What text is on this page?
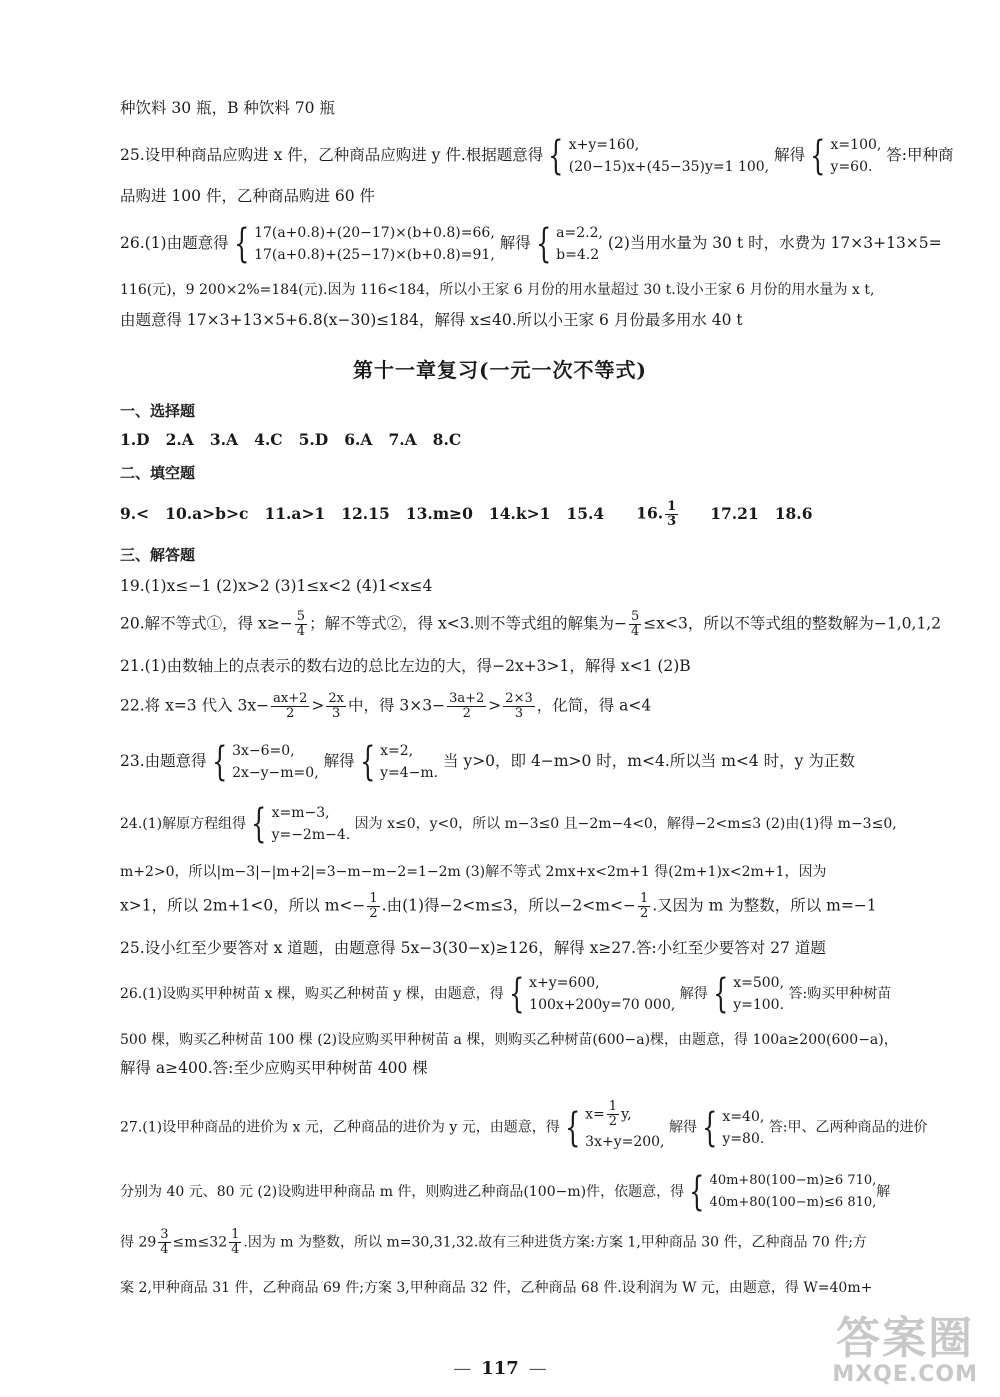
种饮料 30 瓶，B 种饮料 70 瓶
25.设甲种商品应购进 x 件，乙种商品应购进 y 件.根据题意得 { x+y=160,
(20−15)x+(45−35)y=1 100, 解得 { x=100,
y=60. 答:甲种商
品购进 100 件，乙种商品购进 60 件
26.(1)由题意得 { 17(a+0.8)+(20−17)×(b+0.8)=66,
17(a+0.8)+(25−17)×(b+0.8)=91, 解得 { a=2.2,
b=4.2 (2)当用水量为 30 t 时，水费为 17×3+13×5=
116(元)，9 200×2%=184(元).因为 116<184，所以小王家 6 月份的用水量超过 30 t.设小王家 6 月份的用水量为 x t,
由题意得 17×3+13×5+6.8(x−30)≤184，解得 x≤40.所以小王家 6 月份最多用水 40 t
第十一章复习(一元一次不等式)
一、选择题
1.D 2.A 3.A 4.C 5.D 6.A 7.A 8.C
二、填空题
9.< 10.a>b>c 11.a>1 12.15 13.m≥0 14.k>1 15.4 16. $\frac{1}{3} 17.21$ 18.6
三、解答题
19.(1)x≤−1 (2)x>2 (3)1≤x<2 (4)1<x≤4
20.解不等式①，得 $x\ge- \frac{5}{4}$ ；解不等式②，得 x<3.则不等式组的解集为− $\frac{5}{4} \le x<3$，所以不等式组的整数解为−1,0,1,2
21.(1)由数轴上的点表示的数右边的总比左边的大，得−2x+3>1，解得 x<1 (2)B
22.将 x=3 代入 $3x- \frac{ax+2}{2} > \frac{2x}{3}$ 中，得 $3\times 3- \frac{3a+2}{2} > \frac{2\times 3}{3}$ ，化简，得 a<4
23.由题意得 { 3x−6=0,
2x−y−m=0, 解得 { x=2,
y=4−m. 当 y>0，即 4−m>0 时，m<4.所以当 m<4 时，y 为正数
24.(1)解原方程组得 { x=m−3,
y=−2m−4. 因为 x≤0，y<0，所以 m−3≤0 且−2m−4<0，解得−2<m≤3 (2)由(1)得 m−3≤0,
m+2>0，所以|m−3|−|m+2|=3−m−m−2=1−2m (3)解不等式 2mx+x<2m+1 得(2m+1)x<2m+1，因为
x>1，所以 2m+1<0，所以 $m<- \frac{1}{2}$ .由(1)得−2<m≤3，所以$-2<m<- \frac{1}{2}$ .又因为 m 为整数，所以 m=−1
25.设小红至少要答对 x 道题，由题意得 5x−3(30−x)≥126，解得 x≥27.答:小红至少要答对 27 道题
26.(1)设购买甲种树苗 x 棵，购买乙种树苗 y 棵，由题意，得 { x+y=600,
100x+200y=70 000, 解得 { x=500,
y=100. 答:购买甲种树苗
500 棵，购买乙种树苗 100 棵 (2)设应购买甲种树苗 a 棵，则购买乙种树苗(600−a)棵，由题意，得 100a≥200(600−a)，
解得 a≥400.答:至少应购买甲种树苗 400 棵
27.(1)设甲种商品的进价为 x 元，乙种商品的进价为 y 元，由题意，得 { $x= \frac{1}{2} y$,
3x+y=200, 解得 { x=40,
y=80. 答:甲、乙两种商品的进价
分别为 40 元、80 元 (2)设购进甲种商品 m 件，则购进乙种商品(100−m)件，依题意，得 { 40m+80(100−m)≥6 710,
40m+80(100−m)≤6 810,解
得 $29 \frac{3}{4} \le m\le 32 \frac{1}{4}$ .因为 m 为整数，所以 m=30,31,32.故有三种进货方案:方案 1,甲种商品 30 件，乙种商品 70 件;方
案 2,甲种商品 31 件，乙种商品 69 件;方案 3,甲种商品 32 件，乙种商品 68 件.设利润为 W 元，由题意，得 W=40m+
— 117 —
答案圈
MXQE.COM
